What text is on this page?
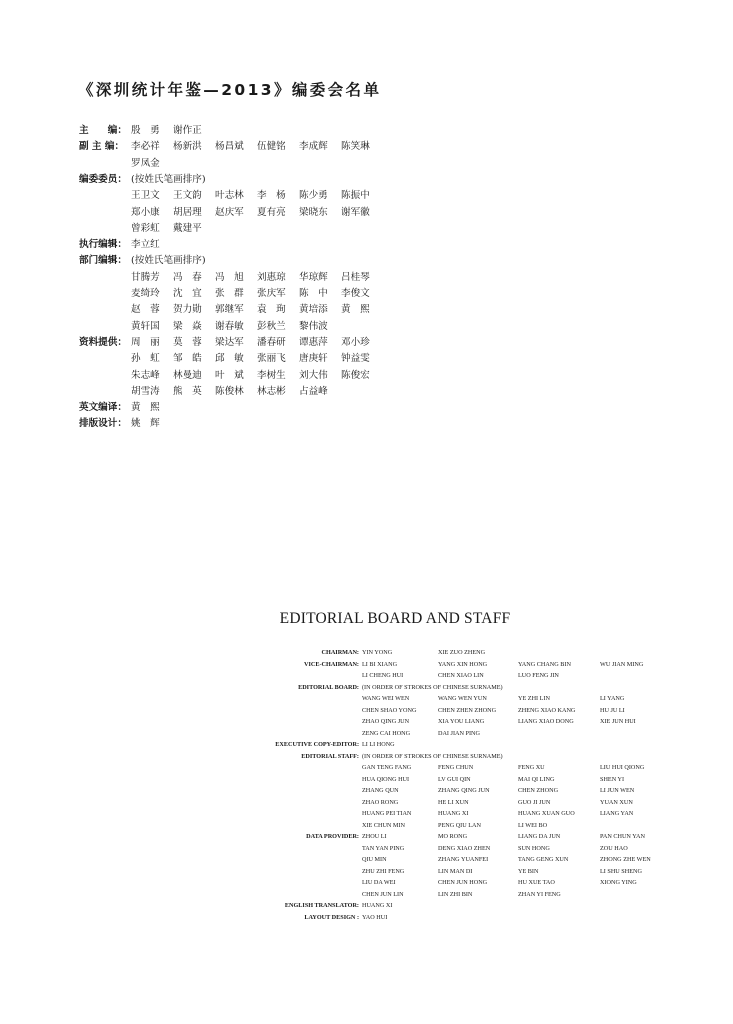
《深圳统计年鉴—2013》编委会名单
主　　编： 殷　勇 谢作正
副 主 编： 李必祥 杨新洪 杨昌斌 伍健铭 李成辉 陈笑琳
罗凤金
编委委员： (按姓氏笔画排序)
王卫文 王文韵 叶志林 李　杨 陈少勇 陈振中
郑小康 胡居理 赵庆军 夏有亮 梁晓东 谢军徽
曾彩虹 戴建平
执行编辑： 李立红
部门编辑： (按姓氏笔画排序)
甘腾芳 冯　春 冯　旭 刘惠琼 华琼辉 吕桂琴
麦绮玲 沈　宜 张　群 张庆军 陈　中 李俊文
赵　蓉 贺力勋 郭继军 袁　珣 黄培添 黄　熙
黄轩国 梁　焱 谢春敏 彭秋兰 黎伟波
资料提供： 周　丽 莫　蓉 梁达军 潘春研 谭惠萍 邓小珍
孙　虹 邹　皓 邱　敏 张丽飞 唐庚轩 钟益雯
朱志峰 林曼迪 叶　斌 李树生 刘大伟 陈俊宏
胡雪涛 熊　英 陈俊林 林志彬 占益峰
英文编译： 黄　熙
排版设计： 姚　辉
EDITORIAL BOARD AND STAFF
CHAIRMAN: YIN YONG	XIE ZUO ZHENG
VICE-CHAIRMAN: LI BI XIANG	YANG XIN HONG	YANG CHANG BIN	WU JIAN MING
LI CHENG HUI	CHEN XIAO LIN	LUO FENG JIN
EDITORIAL BOARD: (IN ORDER OF STROKES OF CHINESE SURNAME)
WANG WEI WEN	WANG WEN YUN	YE ZHI LIN	LI YANG
CHEN SHAO YONG	CHEN ZHEN ZHONG	ZHENG XIAO KANG	HU JU LI
ZHAO QING JUN	XIA YOU LIANG	LIANG XIAO DONG	XIE JUN HUI
ZENG CAI HONG	DAI JIAN PING
EXECUTIVE COPY-EDITOR: LI LI HONG
EDITORIAL STAFF: (IN ORDER OF STROKES OF CHINESE SURNAME)
GAN TENG FANG	FENG CHUN	FENG XU	LIU HUI QIONG
HUA QIONG HUI	LV GUI QIN	MAI QI LING	SHEN YI
ZHANG QUN	ZHANG QING JUN	CHEN ZHONG	LI JUN WEN
ZHAO RONG	HE LI XUN	GUO JI JUN	YUAN XUN
HUANG PEI TIAN	HUANG XI	HUANG XUAN GUO	LIANG YAN
XIE CHUN MIN	PENG QIU LAN	LI WEI BO
DATA PROVIDER: ZHOU LI	MO RONG	LIANG DA JUN	PAN CHUN YAN
TAN YAN PING	DENG XIAO ZHEN	SUN HONG	ZOU HAO
QIU MIN	ZHANG YUANFEI	TANG GENG XUN	ZHONG ZHE WEN
ZHU ZHI FENG	LIN MAN DI	YE BIN	LI SHU SHENG
LIU DA WEI	CHEN JUN HONG	HU XUE TAO	XIONG YING
CHEN JUN LIN	LIN ZHI BIN	ZHAN YI FENG
ENGLISH TRANSLATOR: HUANG XI
LAYOUT DESIGN : YAO HUI
